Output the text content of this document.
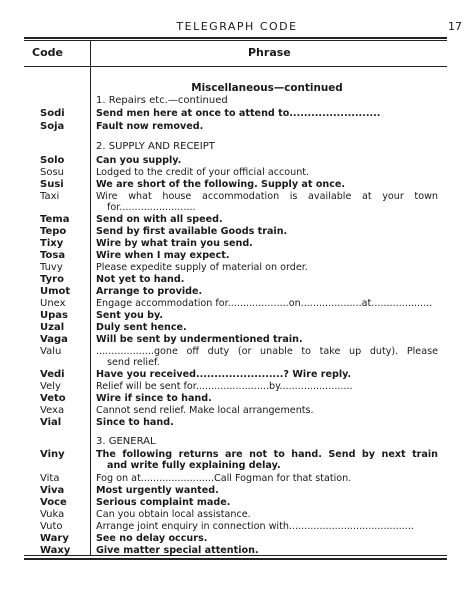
TELEGRAPH CODE	17
Code	Phrase
Miscellaneous—continued
1. Repairs etc.—continued
Sodi	Send men here at once to attend to.........................
Soja	Fault now removed.
2. SUPPLY AND RECEIPT
Solo	Can you supply.
Sosu	Lodged to the credit of your official account.
Susi	We are short of the following. Supply at once.
Taxi	Wire what house accommodation is available at your town
for.........................
Tema	Send on with all speed.
Tepo	Send by first available Goods train.
Tixy	Wire by what train you send.
Tosa	Wire when I may expect.
Tuvy	Please expedite supply of material on order.
Tyro	Not yet to hand.
Umot	Arrange to provide.
Unex	Engage accommodation for....................on....................at....................
Upas	Sent you by.
Uzal	Duly sent hence.
Vaga	Will be sent by undermentioned train.
Valu	...................gone off duty (or unable to take up duty). Please
send relief.
Vedi	Have you received........................? Wire reply.
Vely	Relief will be sent for........................by........................
Veto	Wire if since to hand.
Vexa	Cannot send relief. Make local arrangements.
Vial	Since to hand.
3. GENERAL
Viny	The following returns are not to hand. Send by next train
and write fully explaining delay.
Vita	Fog on at........................Call Fogman for that station.
Viva	Most urgently wanted.
Voce	Serious complaint made.
Vuka	Can you obtain local assistance.
Vuto	Arrange joint enquiry in connection with.........................................
Wary	See no delay occurs.
Waxy	Give matter special attention.
